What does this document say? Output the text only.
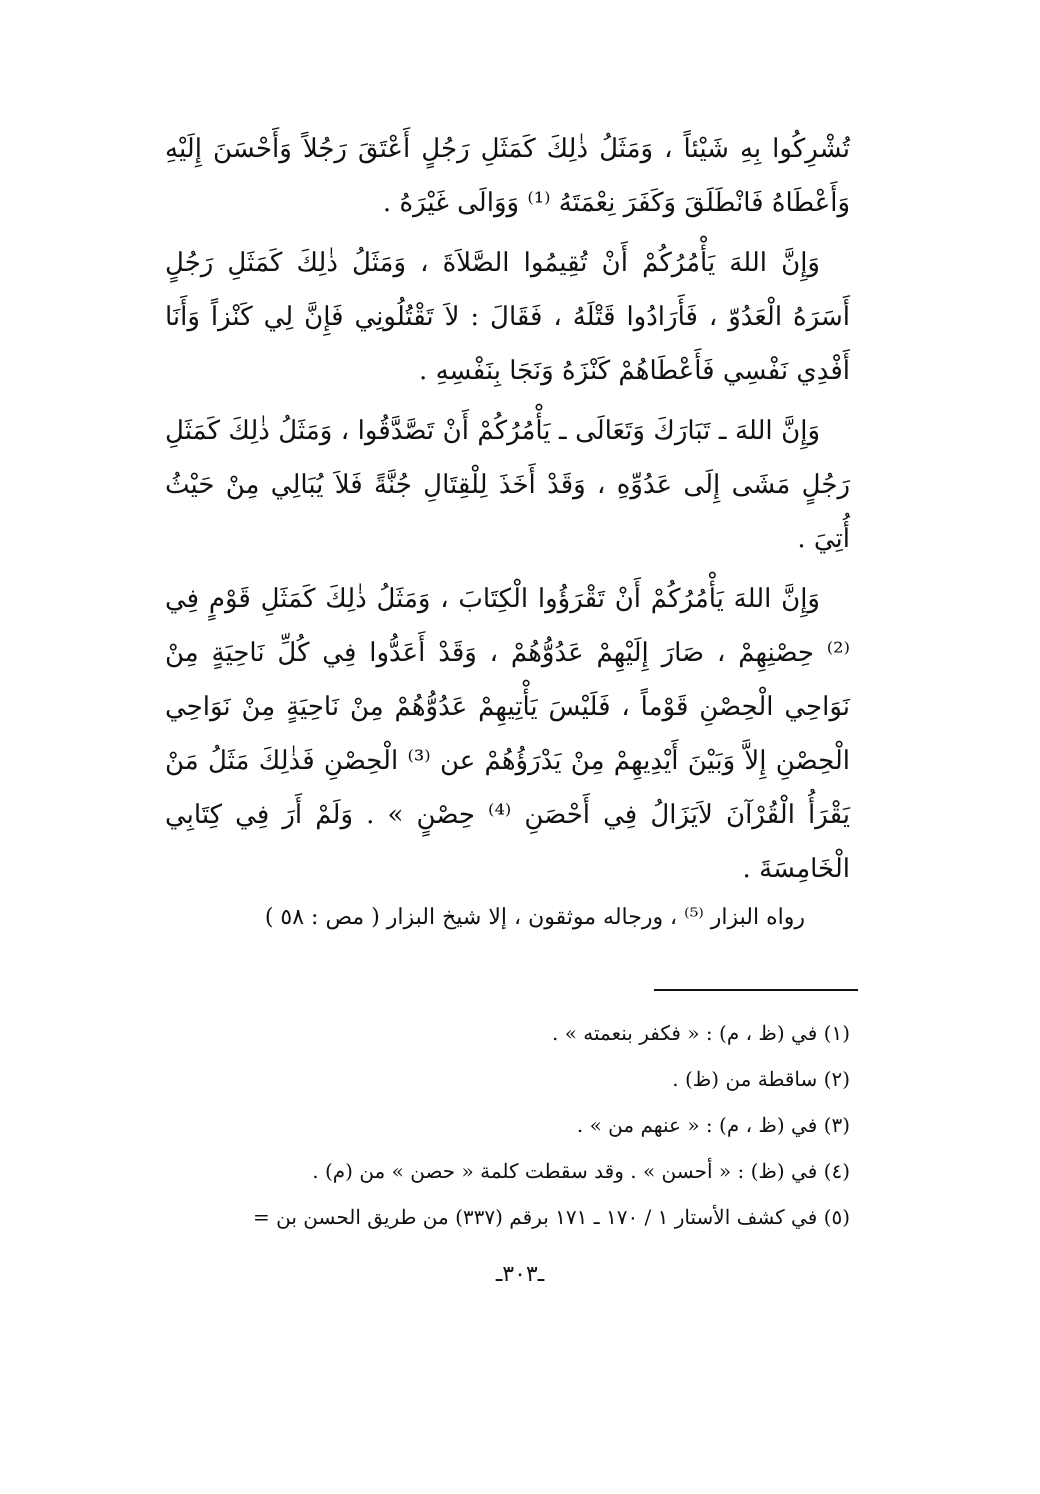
تُشْرِكُوا بِهِ شَيْئاً ، وَمَثَلُ ذٰلِكَ كَمَثَلِ رَجُلٍ أَعْتَقَ رَجُلاً وَأَحْسَنَ إِلَيْهِ وَأَعْطَاهُ فَانْطَلَقَ وَكَفَرَ نِعْمَتَهُ ⁽¹⁾ وَوَالَى غَيْرَهُ .

وَإِنَّ اللهَ يَأْمُرُكُمْ أَنْ تُقِيمُوا الصَّلاَةَ ، وَمَثَلُ ذٰلِكَ كَمَثَلِ رَجُلٍ أَسَرَهُ الْعَدُوّ ، فَأَرَادُوا قَتْلَهُ ، فَقَالَ : لاَ تَقْتُلُونِي فَإِنَّ لِي كَنْزاً وَأَنَا أَفْدِي نَفْسِي فَأَعْطَاهُمْ كَنْزَهُ وَنَجَا بِنَفْسِهِ .

وَإِنَّ اللهَ ـ تَبَارَكَ وَتَعَالَى ـ يَأْمُرُكُمْ أَنْ تَصَّدَّقُوا ، وَمَثَلُ ذٰلِكَ كَمَثَلِ رَجُلٍ مَشَى إِلَى عَدُوِّهِ ، وَقَدْ أَخَذَ لِلْقِتَالِ جُنَّةً فَلاَ يُبَالِي مِنْ حَيْثُ أُتِيَ .

وَإِنَّ اللهَ يَأْمُرُكُمْ أَنْ تَقْرَؤُوا الْكِتَابَ ، وَمَثَلُ ذٰلِكَ كَمَثَلِ قَوْمٍ فِي ⁽²⁾ حِصْنِهِمْ ، صَارَ إِلَيْهِمْ عَدُوُّهُمْ ، وَقَدْ أَعَدُّوا فِي كُلِّ نَاحِيَةٍ مِنْ نَوَاحِي الْحِصْنِ قَوْماً ، فَلَيْسَ يَأْتِيهِمْ عَدُوُّهُمْ مِنْ نَاحِيَةٍ مِنْ نَوَاحِي الْحِصْنِ إِلاَّ وَبَيْنَ أَيْدِيهِمْ مِنْ يَدْرَؤُهُمْ عن ⁽³⁾ الْحِصْنِ فَذٰلِكَ مَثَلُ مَنْ يَقْرَأُ الْقُرْآنَ لاَيَزَالُ فِي أَحْصَنِ ⁽⁴⁾ حِصْنٍ » . وَلَمْ أَرَ فِي كِتَابِي الْخَامِسَةَ .

رواه البزار ⁽⁵⁾ ، ورجاله موثقون ، إلا شيخ البزار ( مص : ٥٨ )
(١) في (ظ ، م) : « فكفر بنعمته » .
(٢) ساقطة من (ظ) .
(٣) في (ظ ، م) : « عنهم من » .
(٤) في (ظ) : « أحسن » . وقد سقطت كلمة « حصن » من (م) .
(٥) في كشف الأستار ١ / ١٧٠ ـ ١٧١ برقم (٣٣٧) من طريق الحسن بن =
ـ٣٠٣ـ
